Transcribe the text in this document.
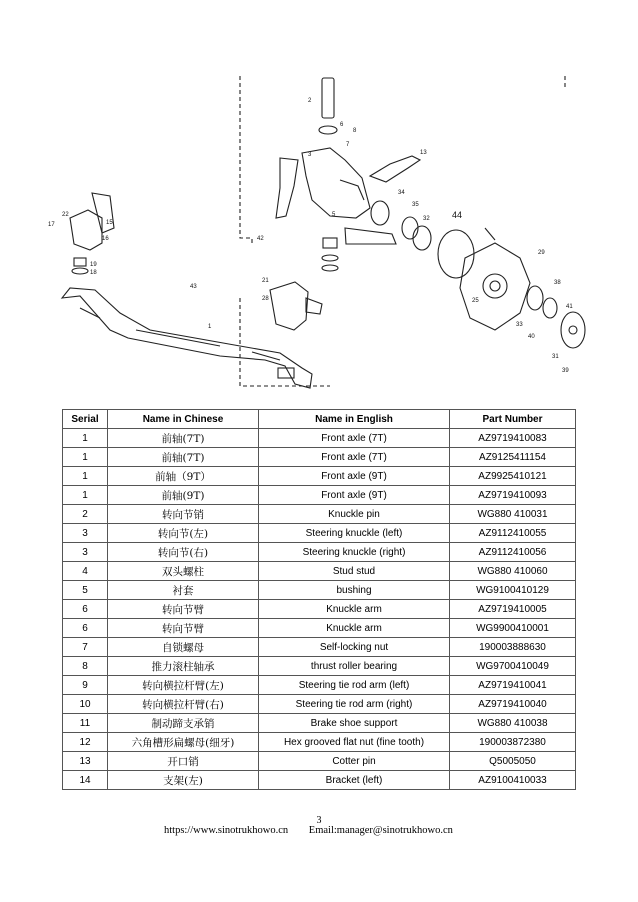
1
2
3
5
6
7
8
13
22
17	15
16
19
18
21
28	25
29
31
32
33
34
35
38
39
40
41
42
43
44
Serial	Name in Chinese	Name in English	Part Number
1	前轴(7T)	Front axle (7T)	AZ9719410083
1	前轴(7T)	Front axle (7T)	AZ9125411154
1	前轴（9T）	Front axle (9T)	AZ9925410121
1	前轴(9T)	Front axle (9T)	AZ9719410093
2	转向节销	Knuckle pin	WG880 410031
3	转向节(左)	Steering knuckle (left)	AZ9112410055
3	转向节(右)	Steering knuckle (right)	AZ9112410056
4	双头螺柱	Stud stud	WG880 410060
5	衬套	bushing	WG9100410129
6	转向节臂	Knuckle arm	AZ9719410005
6	转向节臂	Knuckle arm	WG9900410001
7	自锁螺母	Self-locking nut	190003888630
8	推力滚柱轴承	thrust roller bearing	WG9700410049
9	转向横拉杆臂(左)	Steering tie rod arm (left)	AZ9719410041
10	转向横拉杆臂(右)	Steering tie rod arm (right)	AZ9719410040
11	制动蹄支承销	Brake shoe support	WG880 410038
12	六角槽形扁螺母(细牙)	Hex grooved flat nut (fine tooth)	190003872380
13	开口销	Cotter pin	Q5005050
14	支架(左)	Bracket (left)	AZ9100410033
3
https://www.sinotrukhowo.cn Email:manager@sinotrukhowo.cn
